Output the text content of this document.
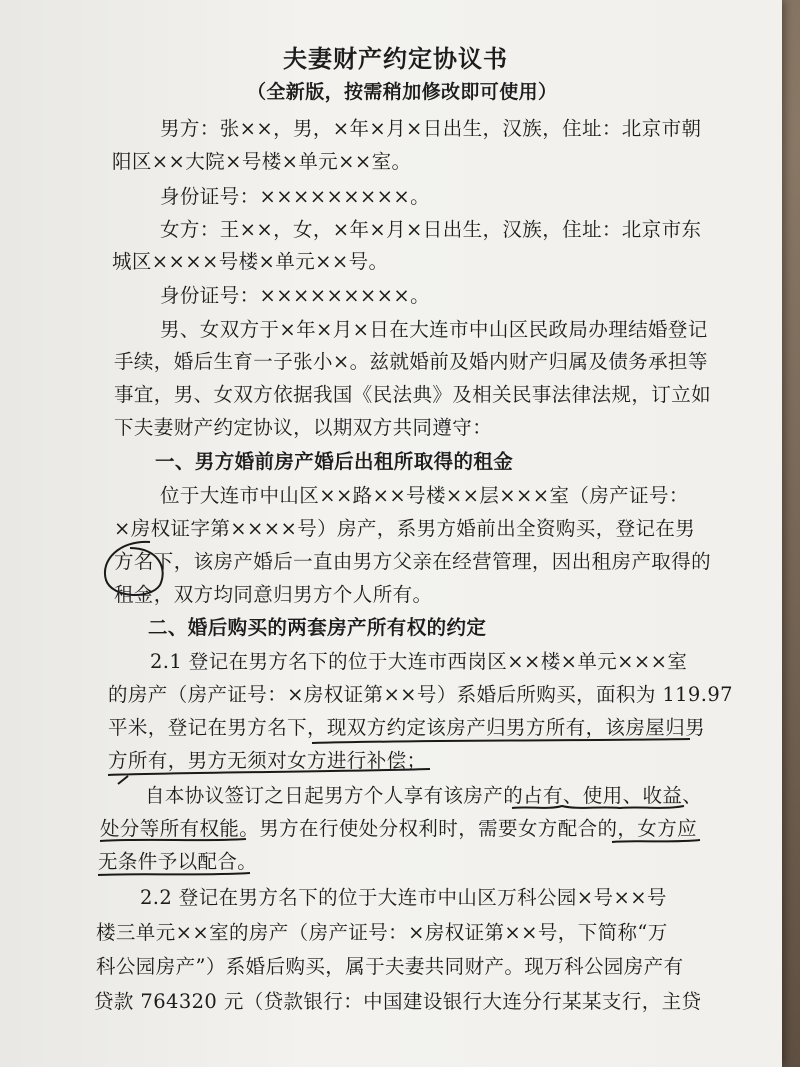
夫妻财产约定协议书
（全新版，按需稍加修改即可使用）
男方：张××，男，×年×月×日出生，汉族，住址：北京市朝
阳区××大院×号楼×单元××室。
身份证号：×××××××××。
女方：王××，女，×年×月×日出生，汉族，住址：北京市东
城区××××号楼×单元××号。
身份证号：×××××××××。
男、女双方于×年×月×日在大连市中山区民政局办理结婚登记
手续，婚后生育一子张小×。兹就婚前及婚内财产归属及债务承担等
事宜，男、女双方依据我国《民法典》及相关民事法律法规，订立如
下夫妻财产约定协议，以期双方共同遵守：
一、男方婚前房产婚后出租所取得的租金
位于大连市中山区××路××号楼××层×××室（房产证号：
×房权证字第××××号）房产，系男方婚前出全资购买，登记在男
方名下，该房产婚后一直由男方父亲在经营管理，因出租房产取得的
租金，双方均同意归男方个人所有。
二、婚后购买的两套房产所有权的约定
2.1 登记在男方名下的位于大连市西岗区××楼×单元×××室
的房产（房产证号：×房权证第××号）系婚后所购买，面积为 119.97
平米，登记在男方名下，现双方约定该房产归男方所有，该房屋归男
方所有，男方无须对女方进行补偿；
自本协议签订之日起男方个人享有该房产的占有、使用、收益、
处分等所有权能。男方在行使处分权利时，需要女方配合的，女方应
无条件予以配合。
2.2 登记在男方名下的位于大连市中山区万科公园×号××号
楼三单元××室的房产（房产证号：×房权证第××号，下简称“万
科公园房产”）系婚后购买，属于夫妻共同财产。现万科公园房产有
贷款 764320 元（贷款银行：中国建设银行大连分行某某支行，主贷
